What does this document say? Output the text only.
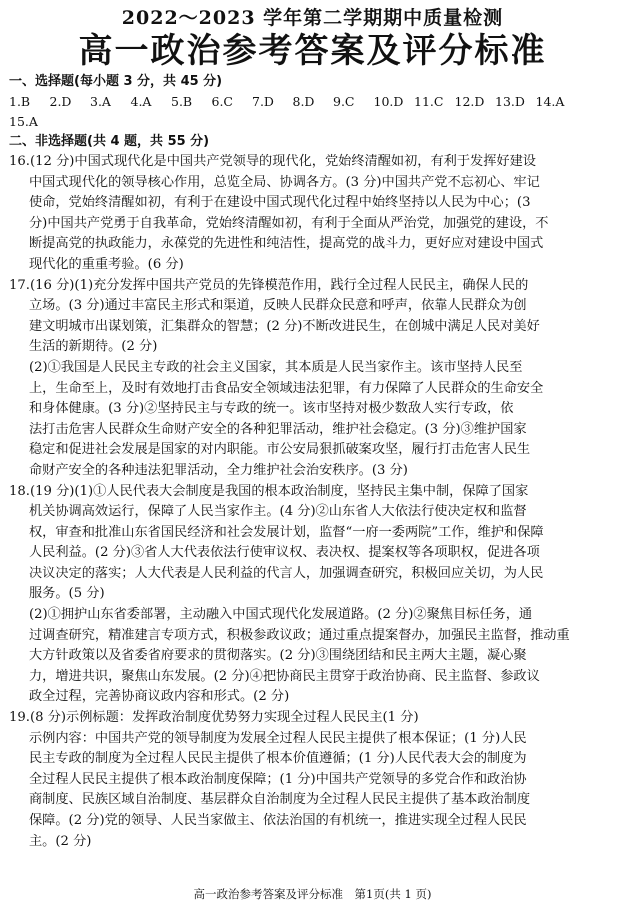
2022～2023 学年第二学期期中质量检测
高一政治参考答案及评分标准
一、选择题(每小题 3 分，共 45 分)
1.B	2.D	3.A	4.A	5.B	6.C	7.D	8.D	9.C	10.D 11.C 12.D 13.D 14.A
15.A
二、非选择题(共 4 题，共 55 分)

16.(12 分)中国式现代化是中国共产党领导的现代化，党始终清醒如初，有利于发挥好建设

中国式现代化的领导核心作用，总览全局、协调各方。(3 分)中国共产党不忘初心、牢记

使命，党始终清醒如初，有利于在建设中国式现代化过程中始终坚持以人民为中心；(3

分)中国共产党勇于自我革命，党始终清醒如初，有利于全面从严治党，加强党的建设，不

断提高党的执政能力，永葆党的先进性和纯洁性，提高党的战斗力，更好应对建设中国式

现代化的重重考验。(6 分)

17.(16 分)(1)充分发挥中国共产党员的先锋模范作用，践行全过程人民民主，确保人民的

立场。(3 分)通过丰富民主形式和渠道，反映人民群众民意和呼声，依靠人民群众为创

建文明城市出谋划策，汇集群众的智慧；(2 分)不断改进民生，在创城中满足人民对美好

生活的新期待。(2 分)

(2)①我国是人民民主专政的社会主义国家，其本质是人民当家作主。该市坚持人民至

上，生命至上，及时有效地打击食品安全领域违法犯罪，有力保障了人民群众的生命安全

和身体健康。(3 分)②坚持民主与专政的统一。该市坚持对极少数敌人实行专政，依

法打击危害人民群众生命财产安全的各种犯罪活动，维护社会稳定。(3 分)③维护国家

稳定和促进社会发展是国家的对内职能。市公安局狠抓破案攻坚，履行打击危害人民生

命财产安全的各种违法犯罪活动，全力维护社会治安秩序。(3 分)

18.(19 分)(1)①人民代表大会制度是我国的根本政治制度，坚持民主集中制，保障了国家

机关协调高效运行，保障了人民当家作主。(4 分)②山东省人大依法行使决定权和监督

权，审查和批准山东省国民经济和社会发展计划，监督“一府一委两院”工作，维护和保障

人民利益。(2 分)③省人大代表依法行使审议权、表决权、提案权等各项职权，促进各项

决议决定的落实；人大代表是人民利益的代言人，加强调查研究，积极回应关切，为人民

服务。(5 分)

(2)①拥护山东省委部署，主动融入中国式现代化发展道路。(2 分)②聚焦目标任务，通

过调查研究，精准建言专项方式，积极参政议政；通过重点提案督办，加强民主监督，推动重

大方针政策以及省委省府要求的贯彻落实。(2 分)③围绕团结和民主两大主题，凝心聚

力，增进共识，聚焦山东发展。(2 分)④把协商民主贯穿于政治协商、民主监督、参政议

政全过程，完善协商议政内容和形式。(2 分)

19.(8 分)示例标题：发挥政治制度优势努力实现全过程人民民主(1 分)

示例内容：中国共产党的领导制度为发展全过程人民民主提供了根本保证；(1 分)人民

民主专政的制度为全过程人民民主提供了根本价值遵循；(1 分)人民代表大会的制度为

全过程人民民主提供了根本政治制度保障；(1 分)中国共产党领导的多党合作和政治协

商制度、民族区域自治制度、基层群众自治制度为全过程人民民主提供了基本政治制度

保障。(2 分)党的领导、人民当家做主、依法治国的有机统一，推进实现全过程人民民

主。(2 分)

高一政治参考答案及评分标准　第1页(共 1 页)
